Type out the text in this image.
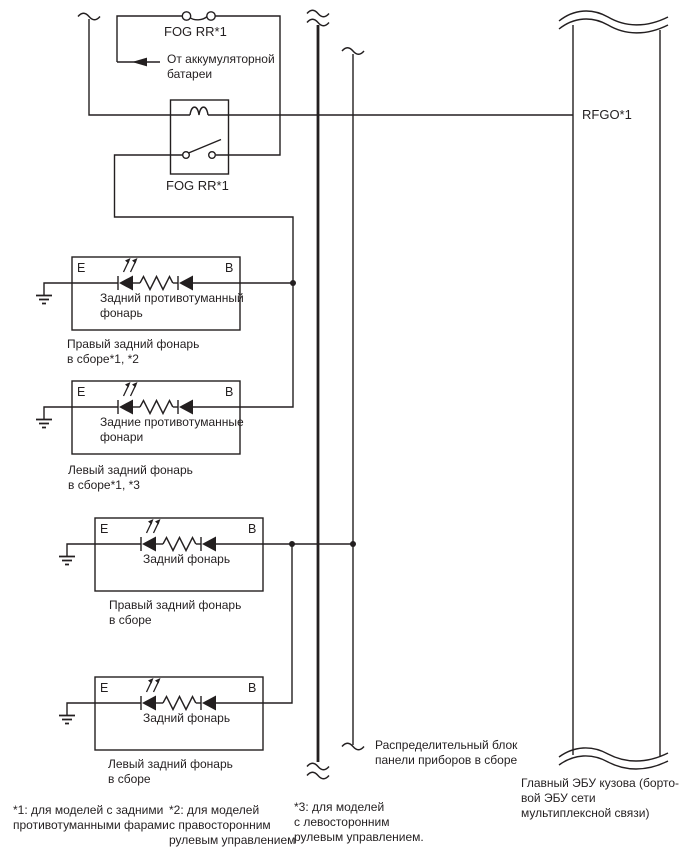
FOG RR*1
От аккумуляторной
батареи
FOG RR*1
RFGO*1
E	B
Задний противотуманный
фонарь
Правый задний фонарь
в сборе*1, *2
E	B
Задние противотуманные
фонари
Левый задний фонарь
в сборе*1, *3
E	B
Задний фонарь
Правый задний фонарь
в сборе
E	B
Задний фонарь
Левый задний фонарь
в сборе
Распределительный блок
панели приборов в сборе
Главный ЭБУ кузова (борто-
вой ЭБУ сети
мультиплексной связи)
*1: для моделей с задними
противотуманными фарами
*2: для моделей
с правосторонним
рулевым управлением
*3: для моделей
с левосторонним
рулевым управлением.
